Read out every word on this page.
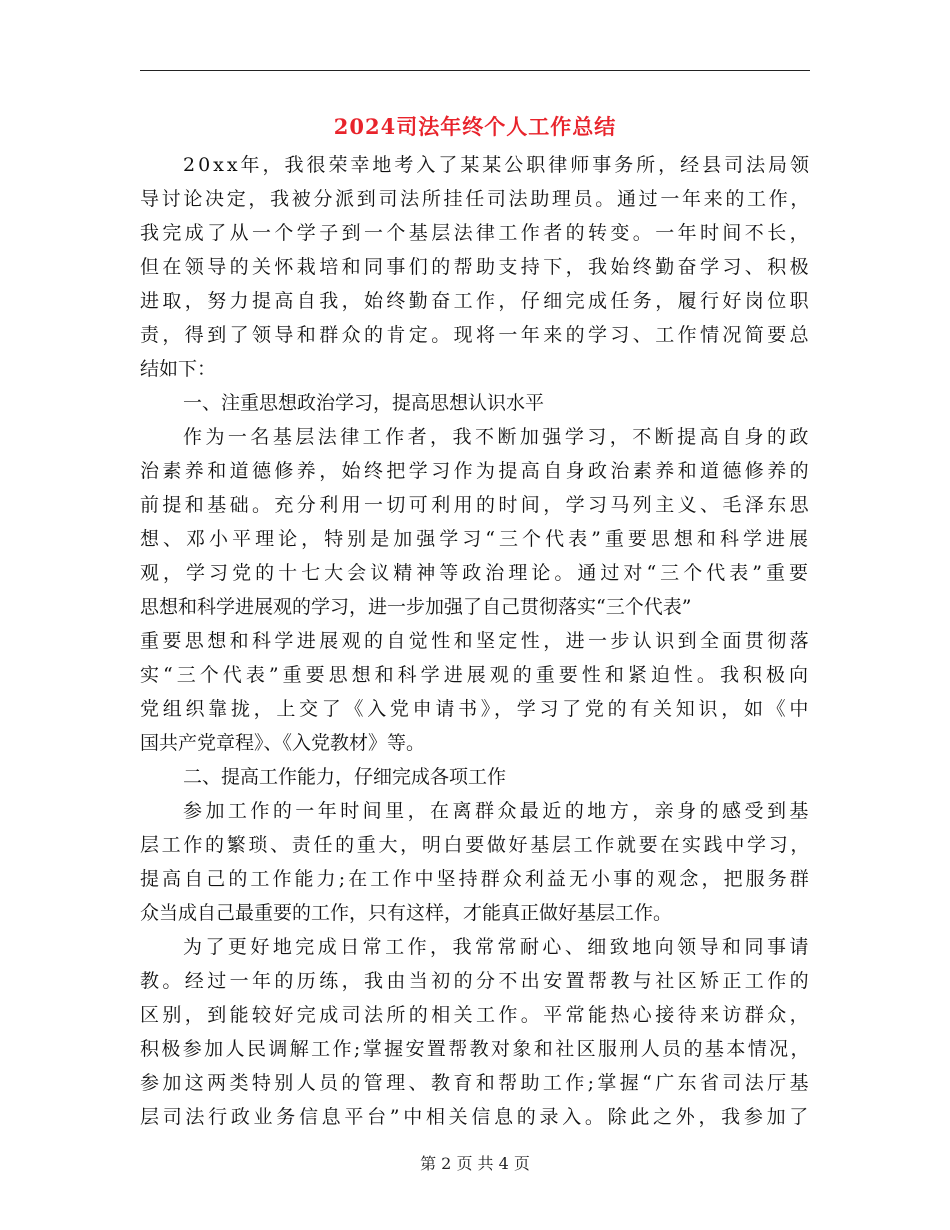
2024司法年终个人工作总结
20xx年，我很荣幸地考入了某某公职律师事务所，经县司法局领
导讨论决定，我被分派到司法所挂任司法助理员。通过一年来的工作，
我完成了从一个学子到一个基层法律工作者的转变。一年时间不长，
但在领导的关怀栽培和同事们的帮助支持下，我始终勤奋学习、积极
进取，努力提高自我，始终勤奋工作，仔细完成任务，履行好岗位职
责，得到了领导和群众的肯定。现将一年来的学习、工作情况简要总
结如下：
一、注重思想政治学习，提高思想认识水平
作为一名基层法律工作者，我不断加强学习，不断提高自身的政
治素养和道德修养，始终把学习作为提高自身政治素养和道德修养的
前提和基础。充分利用一切可利用的时间，学习马列主义、毛泽东思
想、邓小平理论，特别是加强学习“三个代表”重要思想和科学进展
观，学习党的十七大会议精神等政治理论。通过对“三个代表”重要
思想和科学进展观的学习，进一步加强了自己贯彻落实“三个代表”
重要思想和科学进展观的自觉性和坚定性，进一步认识到全面贯彻落
实“三个代表”重要思想和科学进展观的重要性和紧迫性。我积极向
党组织靠拢，上交了《入党申请书》，学习了党的有关知识，如《中
国共产党章程》、《入党教材》等。
二、提高工作能力，仔细完成各项工作
参加工作的一年时间里，在离群众最近的地方，亲身的感受到基
层工作的繁琐、责任的重大，明白要做好基层工作就要在实践中学习，
提高自己的工作能力;在工作中坚持群众利益无小事的观念，把服务群
众当成自己最重要的工作，只有这样，才能真正做好基层工作。
为了更好地完成日常工作，我常常耐心、细致地向领导和同事请
教。经过一年的历练，我由当初的分不出安置帮教与社区矫正工作的
区别，到能较好完成司法所的相关工作。平常能热心接待来访群众，
积极参加人民调解工作;掌握安置帮教对象和社区服刑人员的基本情况，
参加这两类特别人员的管理、教育和帮助工作;掌握“广东省司法厅基
层司法行政业务信息平台”中相关信息的录入。除此之外，我参加了
第 2 页 共 4 页
